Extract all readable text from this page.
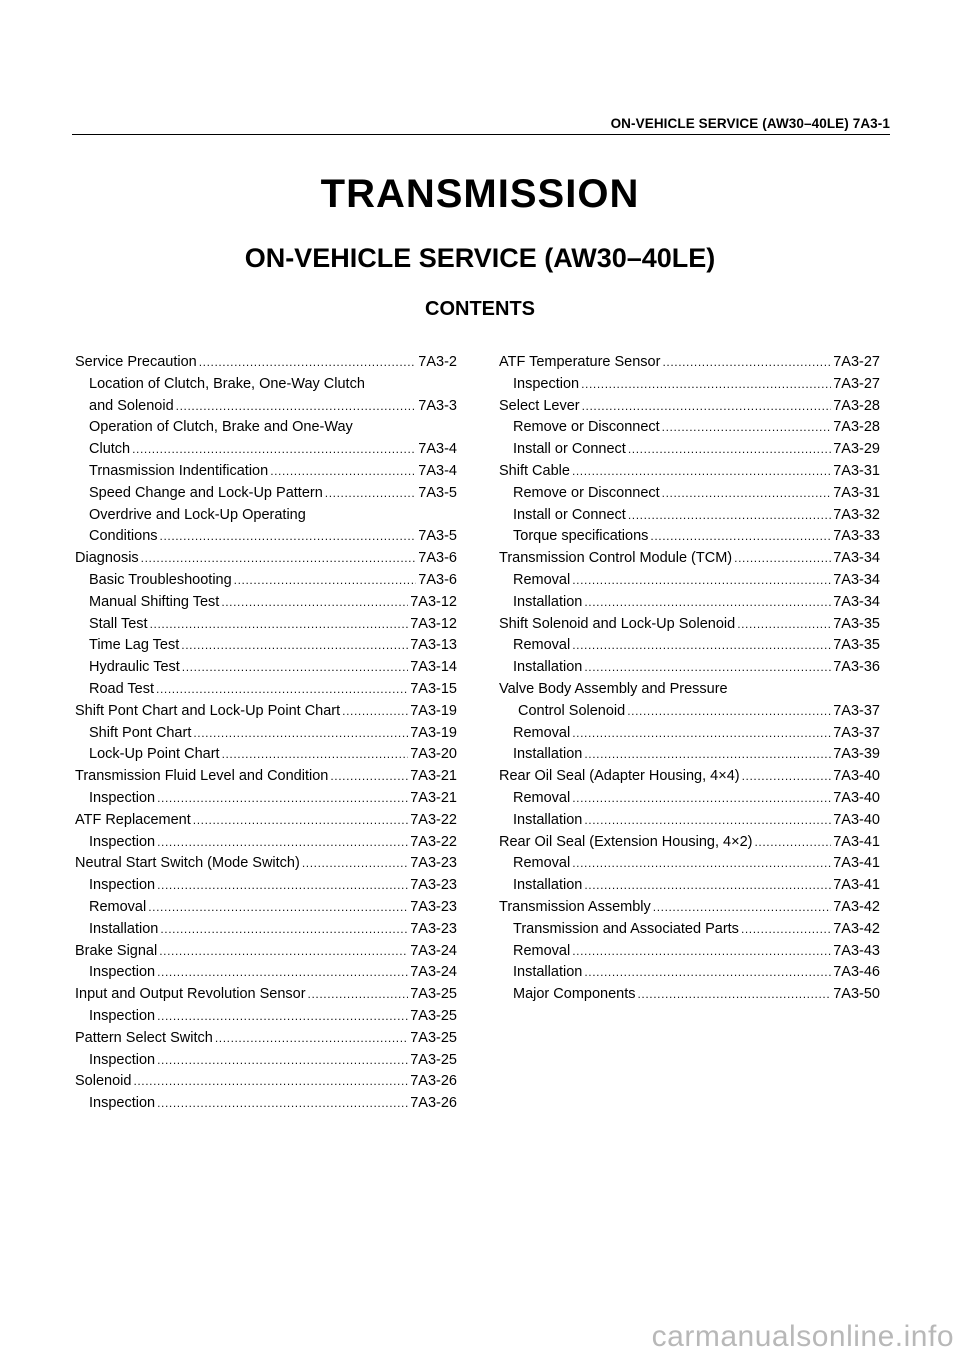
ON-VEHICLE SERVICE (AW30–40LE) 7A3-1
TRANSMISSION
ON-VEHICLE SERVICE (AW30–40LE)
CONTENTS
Service Precaution .....	7A3-2
Location of Clutch, Brake, One-Way Clutch
and Solenoid .....	7A3-3
Operation of Clutch, Brake and One-Way
Clutch .....	7A3-4
Trnasmission Indentification .....	7A3-4
Speed Change and Lock-Up Pattern .....	7A3-5
Overdrive and Lock-Up Operating
Conditions .....	7A3-5
Diagnosis .....	7A3-6
Basic Troubleshooting .....	7A3-6
Manual Shifting Test .....	7A3-12
Stall Test .....	7A3-12
Time Lag Test .....	7A3-13
Hydraulic Test .....	7A3-14
Road Test .....	7A3-15
Shift Pont Chart and Lock-Up Point Chart .....	7A3-19
Shift Pont Chart .....	7A3-19
Lock-Up Point Chart .....	7A3-20
Transmission Fluid Level and Condition .....	7A3-21
Inspection .....	7A3-21
ATF Replacement .....	7A3-22
Inspection .....	7A3-22
Neutral Start Switch (Mode Switch) .....	7A3-23
Inspection .....	7A3-23
Removal .....	7A3-23
Installation .....	7A3-23
Brake Signal .....	7A3-24
Inspection .....	7A3-24
Input and Output Revolution Sensor .....	7A3-25
Inspection .....	7A3-25
Pattern Select Switch .....	7A3-25
Inspection .....	7A3-25
Solenoid .....	7A3-26
Inspection .....	7A3-26
ATF Temperature Sensor .....	7A3-27
Inspection .....	7A3-27
Select Lever .....	7A3-28
Remove or Disconnect .....	7A3-28
Install or Connect .....	7A3-29
Shift Cable .....	7A3-31
Remove or Disconnect .....	7A3-31
Install or Connect .....	7A3-32
Torque specifications .....	7A3-33
Transmission Control Module (TCM) .....	7A3-34
Removal .....	7A3-34
Installation .....	7A3-34
Shift Solenoid and Lock-Up Solenoid .....	7A3-35
Removal .....	7A3-35
Installation .....	7A3-36
Valve Body Assembly and Pressure
Control Solenoid .....	7A3-37
Removal .....	7A3-37
Installation .....	7A3-39
Rear Oil Seal (Adapter Housing, 4×4) .....	7A3-40
Removal .....	7A3-40
Installation .....	7A3-40
Rear Oil Seal (Extension Housing, 4×2) .....	7A3-41
Removal .....	7A3-41
Installation .....	7A3-41
Transmission Assembly .....	7A3-42
Transmission and Associated Parts .....	7A3-42
Removal .....	7A3-43
Installation .....	7A3-46
Major Components .....	7A3-50
carmanualsonline.info
